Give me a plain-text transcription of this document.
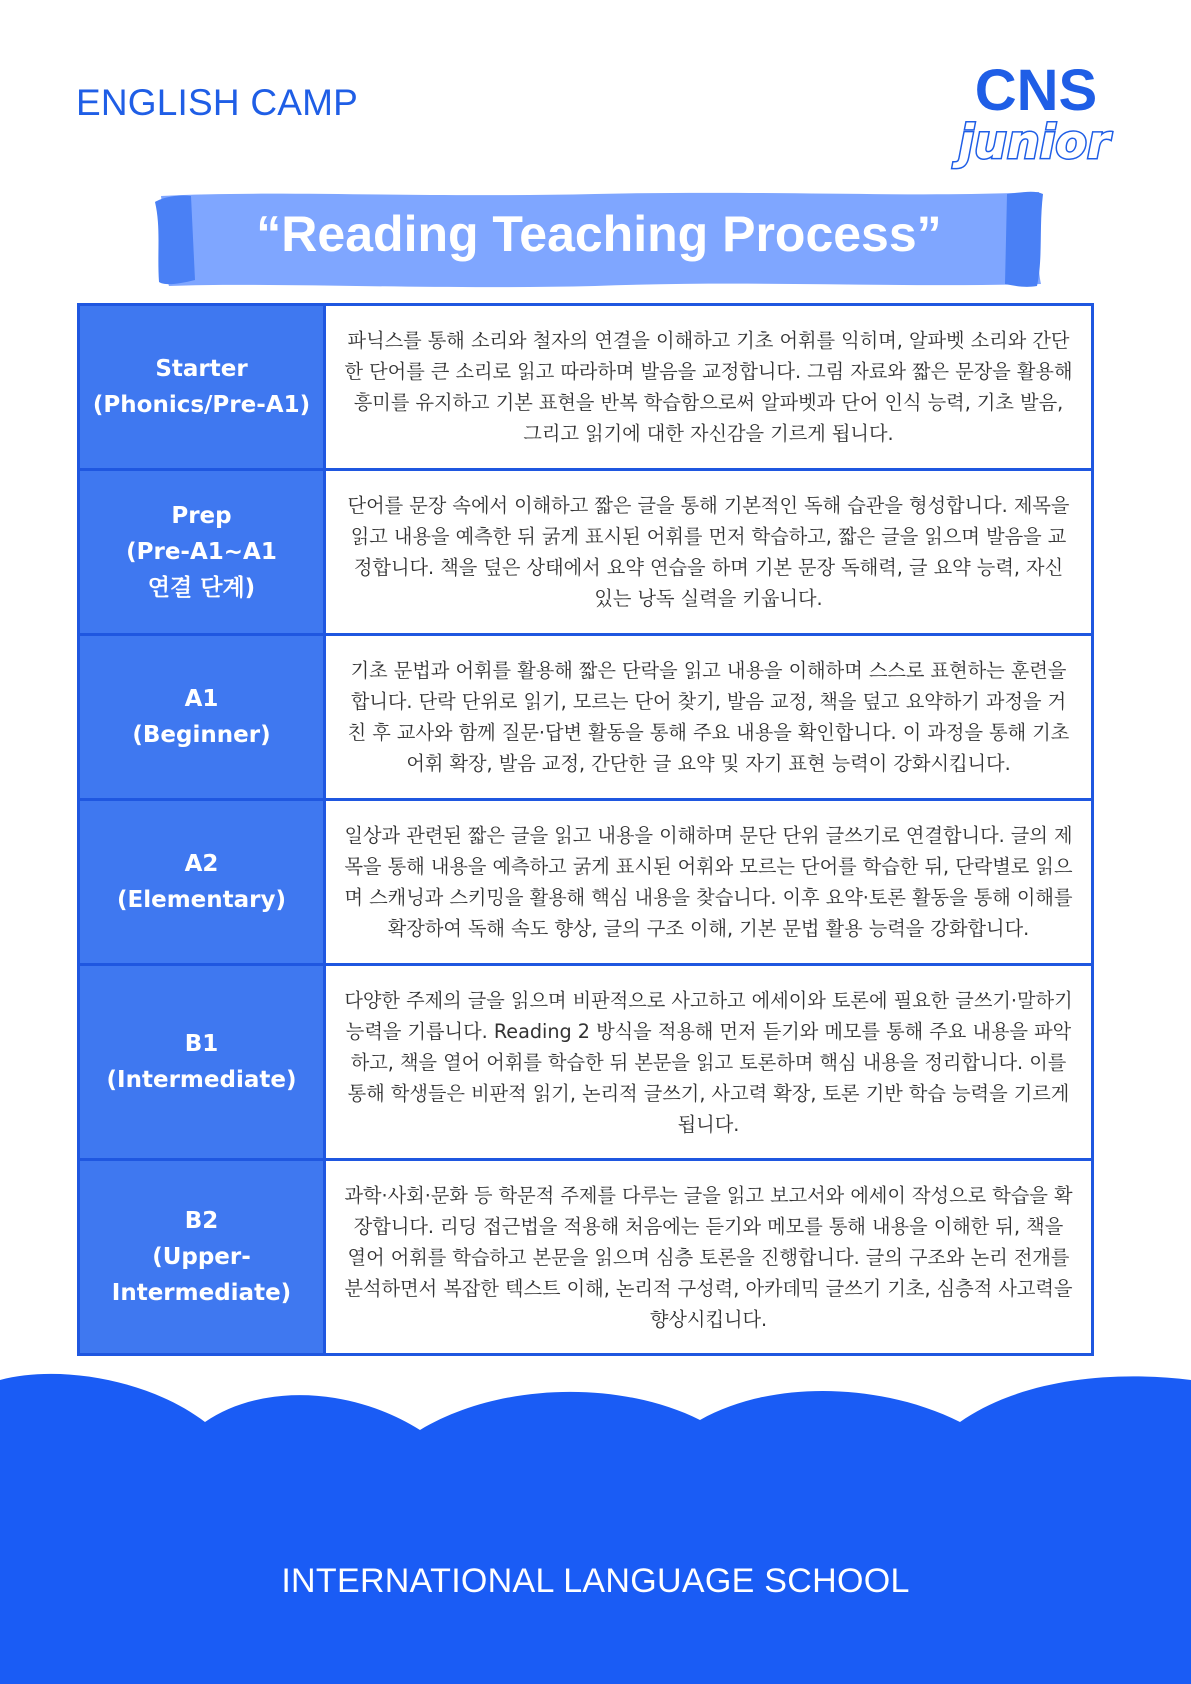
ENGLISH CAMP	CNS
junior
“Reading Teaching Process”
Starter
(Phonics/Pre-A1)	파닉스를 통해 소리와 철자의 연결을 이해하고 기초 어휘를 익히며, 알파벳 소리와 간단한 단어를 큰 소리로 읽고 따라하며 발음을 교정합니다. 그림 자료와 짧은 문장을 활용해 흥미를 유지하고 기본 표현을 반복 학습함으로써 알파벳과 단어 인식 능력, 기초 발음, 그리고 읽기에 대한 자신감을 기르게 됩니다.

Prep
(Pre-A1~A1
연결 단계)	단어를 문장 속에서 이해하고 짧은 글을 통해 기본적인 독해 습관을 형성합니다. 제목을 읽고 내용을 예측한 뒤 굵게 표시된 어휘를 먼저 학습하고, 짧은 글을 읽으며 발음을 교정합니다. 책을 덮은 상태에서 요약 연습을 하며 기본 문장 독해력, 글 요약 능력, 자신 있는 낭독 실력을 키웁니다.

A1
(Beginner)	기초 문법과 어휘를 활용해 짧은 단락을 읽고 내용을 이해하며 스스로 표현하는 훈련을 합니다. 단락 단위로 읽기, 모르는 단어 찾기, 발음 교정, 책을 덮고 요약하기 과정을 거친 후 교사와 함께 질문·답변 활동을 통해 주요 내용을 확인합니다. 이 과정을 통해 기초 어휘 확장, 발음 교정, 간단한 글 요약 및 자기 표현 능력이 강화시킵니다.

A2
(Elementary)	일상과 관련된 짧은 글을 읽고 내용을 이해하며 문단 단위 글쓰기로 연결합니다. 글의 제목을 통해 내용을 예측하고 굵게 표시된 어휘와 모르는 단어를 학습한 뒤, 단락별로 읽으며 스캐닝과 스키밍을 활용해 핵심 내용을 찾습니다. 이후 요약·토론 활동을 통해 이해를 확장하여 독해 속도 향상, 글의 구조 이해, 기본 문법 활용 능력을 강화합니다.

B1
(Intermediate)	다양한 주제의 글을 읽으며 비판적으로 사고하고 에세이와 토론에 필요한 글쓰기·말하기 능력을 기릅니다. Reading 2 방식을 적용해 먼저 듣기와 메모를 통해 주요 내용을 파악하고, 책을 열어 어휘를 학습한 뒤 본문을 읽고 토론하며 핵심 내용을 정리합니다. 이를 통해 학생들은 비판적 읽기, 논리적 글쓰기, 사고력 확장, 토론 기반 학습 능력을 기르게 됩니다.

B2
(Upper-
Intermediate)	과학·사회·문화 등 학문적 주제를 다루는 글을 읽고 보고서와 에세이 작성으로 학습을 확장합니다. 리딩 접근법을 적용해 처음에는 듣기와 메모를 통해 내용을 이해한 뒤, 책을 열어 어휘를 학습하고 본문을 읽으며 심층 토론을 진행합니다. 글의 구조와 논리 전개를 분석하면서 복잡한 텍스트 이해, 논리적 구성력, 아카데믹 글쓰기 기초, 심층적 사고력을 향상시킵니다.
INTERNATIONAL LANGUAGE SCHOOL
